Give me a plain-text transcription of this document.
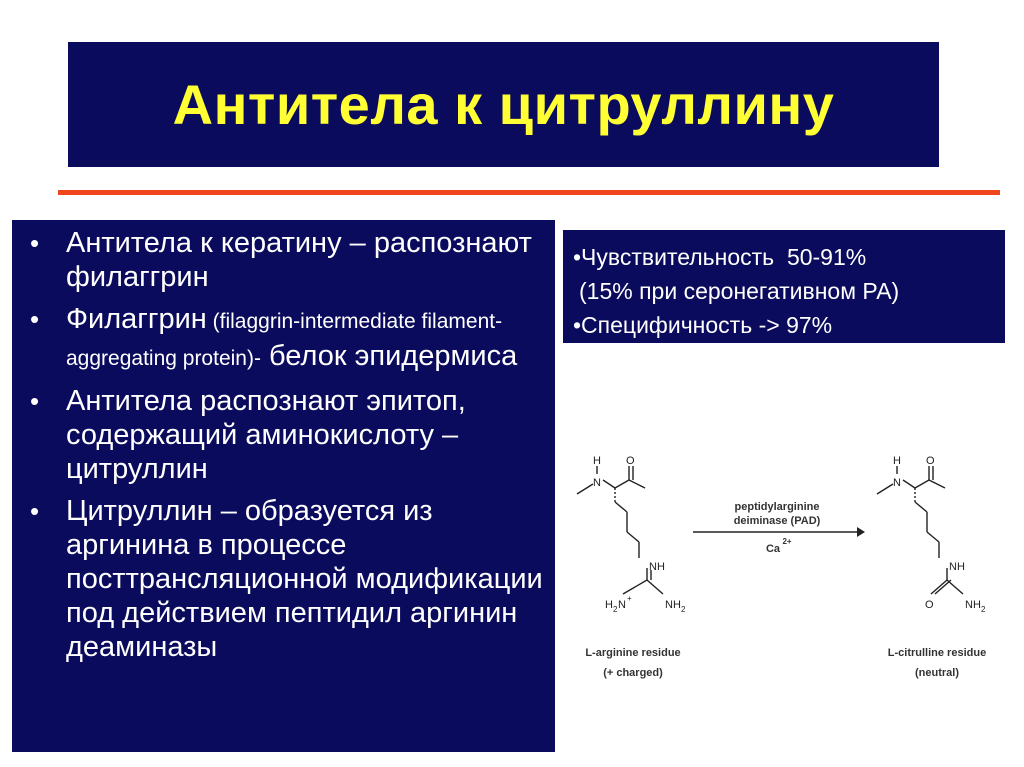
Антитела к цитруллину
• Антитела к кератину – распознают филаггрин
• Филаггрин (filaggrin-intermediate filament-aggregating protein)- белок эпидермиса
• Антитела распознают эпитоп, содержащий аминокислоту – цитруллин
• Цитруллин – образуется из аргинина в процессе посттрансляционной модификации под действием пептидил аргинин деаминазы
•Чувствительность  50-91%
(15% при серонегативном РА)
•Специфичность -> 97%
H
N
O
NH
H 2 N
+
NH 2
H
N
O
NH
O	NH 2
peptidylarginine
deiminase (PAD)
Ca
2+
L-arginine residue
(+ charged)
L-citrulline residue
(neutral)
